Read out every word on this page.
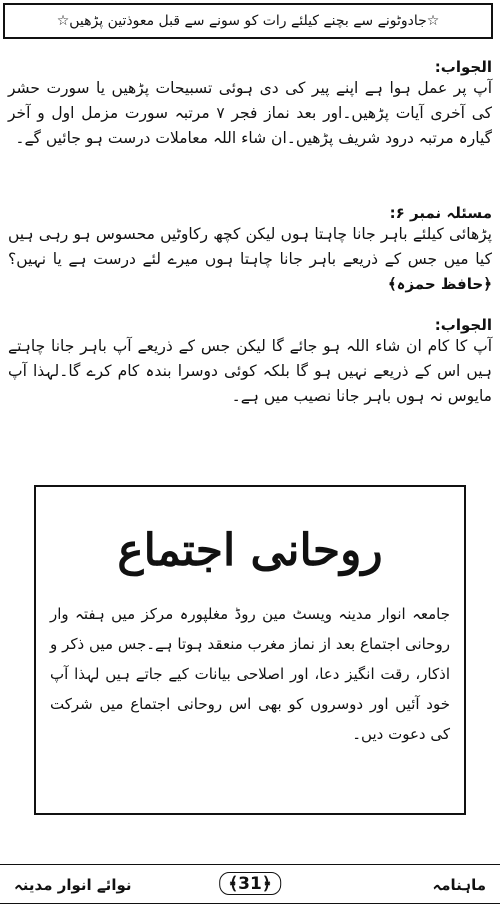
☆جادوٹونے سے بچنے کیلئے رات کو سونے سے قبل معوذتین پڑھیں☆
الجواب:
آپ پر عمل ہوا ہے اپنے پیر کی دی ہوئی تسبیحات پڑھیں یا سورت حشر کی آخری آیات پڑھیں۔اور بعد نماز فجر ۷ مرتبہ سورت مزمل اول و آخر گیارہ مرتبہ درود شریف پڑھیں۔ان شاء اللہ معاملات درست ہو جائیں گے۔
مسئلہ نمبر ۶:
پڑھائی کیلئے باہر جانا چاہتا ہوں لیکن کچھ رکاوٹیں محسوس ہو رہی ہیں کیا میں جس کے ذریعے باہر جانا چاہتا ہوں میرے لئے درست ہے یا نہیں؟ ﴿حافظ حمزہ﴾
الجواب:
آپ کا کام ان شاء اللہ ہو جائے گا لیکن جس کے ذریعے آپ باہر جانا چاہتے ہیں اس کے ذریعے نہیں ہو گا بلکہ کوئی دوسرا بندہ کام کرے گا۔لہذا آپ مایوس نہ ہوں باہر جانا نصیب میں ہے۔
روحانی اجتماع
جامعہ انوار مدینہ ویسٹ مین روڈ مغلپورہ مرکز میں ہفتہ وار روحانی اجتماع بعد از نماز مغرب منعقد ہوتا ہے۔جس میں ذکر و اذکار، رقت انگیز دعا، اور اصلاحی بیانات کیے جاتے ہیں لہذا آپ خود آئیں اور دوسروں کو بھی اس روحانی اجتماع میں شرکت کی دعوت دیں۔
نوائے انوار مدینہ	﴾31﴿	ماہنامہ
